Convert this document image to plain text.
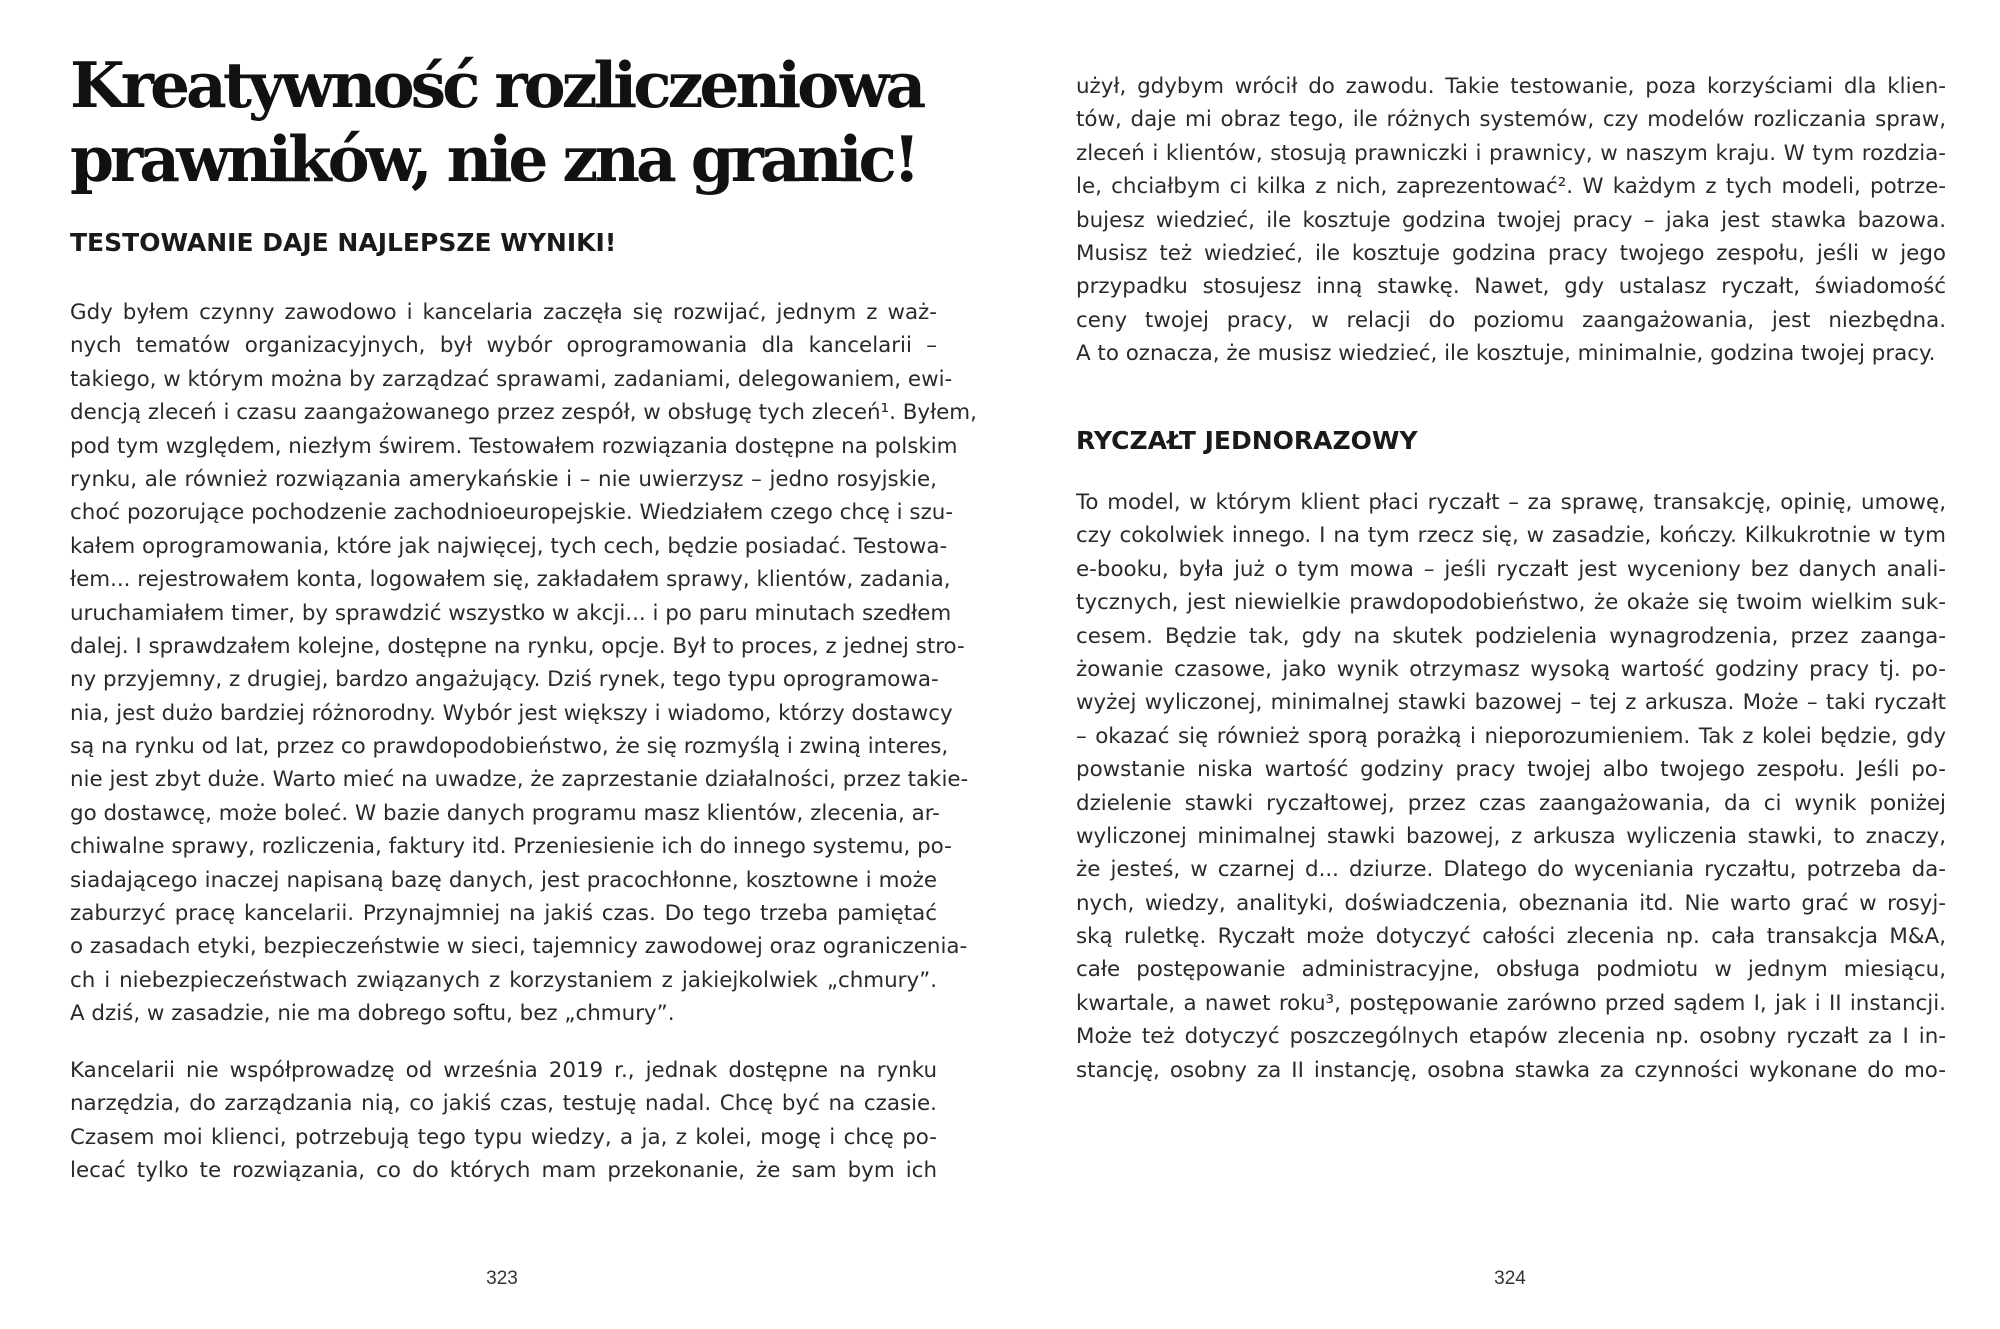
Kreatywność rozliczeniowa prawników, nie zna granic!
TESTOWANIE DAJE NAJLEPSZE WYNIKI!
Gdy byłem czynny zawodowo i kancelaria zaczęła się rozwijać, jednym z waż-
nych tematów organizacyjnych, był wybór oprogramowania dla kancelarii –
takiego, w którym można by zarządzać sprawami, zadaniami, delegowaniem, ewi-
dencją zleceń i czasu zaangażowanego przez zespół, w obsługę tych zleceń¹. Byłem,
pod tym względem, niezłym świrem. Testowałem rozwiązania dostępne na polskim
rynku, ale również rozwiązania amerykańskie i – nie uwierzysz – jedno rosyjskie,
choć pozorujące pochodzenie zachodnioeuropejskie. Wiedziałem czego chcę i szu-
kałem oprogramowania, które jak najwięcej, tych cech, będzie posiadać. Testowa-
łem... rejestrowałem konta, logowałem się, zakładałem sprawy, klientów, zadania,
uruchamiałem timer, by sprawdzić wszystko w akcji... i po paru minutach szedłem
dalej. I sprawdzałem kolejne, dostępne na rynku, opcje. Był to proces, z jednej stro-
ny przyjemny, z drugiej, bardzo angażujący. Dziś rynek, tego typu oprogramowa-
nia, jest dużo bardziej różnorodny. Wybór jest większy i wiadomo, którzy dostawcy
są na rynku od lat, przez co prawdopodobieństwo, że się rozmyślą i zwiną interes,
nie jest zbyt duże. Warto mieć na uwadze, że zaprzestanie działalności, przez takie-
go dostawcę, może boleć. W bazie danych programu masz klientów, zlecenia, ar-
chiwalne sprawy, rozliczenia, faktury itd. Przeniesienie ich do innego systemu, po-
siadającego inaczej napisaną bazę danych, jest pracochłonne, kosztowne i może
zaburzyć pracę kancelarii. Przynajmniej na jakiś czas. Do tego trzeba pamiętać
o zasadach etyki, bezpieczeństwie w sieci, tajemnicy zawodowej oraz ograniczenia-
ch i niebezpieczeństwach związanych z korzystaniem z jakiejkolwiek „chmury”.
A dziś, w zasadzie, nie ma dobrego softu, bez „chmury”.
Kancelarii nie współprowadzę od września 2019 r., jednak dostępne na rynku
narzędzia, do zarządzania nią, co jakiś czas, testuję nadal. Chcę być na czasie.
Czasem moi klienci, potrzebują tego typu wiedzy, a ja, z kolei, mogę i chcę po-
lecać tylko te rozwiązania, co do których mam przekonanie, że sam bym ich

323

użył, gdybym wrócił do zawodu. Takie testowanie, poza korzyściami dla klien-
tów, daje mi obraz tego, ile różnych systemów, czy modelów rozliczania spraw,
zleceń i klientów, stosują prawniczki i prawnicy, w naszym kraju. W tym rozdzia-
le, chciałbym ci kilka z nich, zaprezentować². W każdym z tych modeli, potrze-
bujesz wiedzieć, ile kosztuje godzina twojej pracy – jaka jest stawka bazowa.
Musisz też wiedzieć, ile kosztuje godzina pracy twojego zespołu, jeśli w jego
przypadku stosujesz inną stawkę. Nawet, gdy ustalasz ryczałt, świadomość
ceny twojej pracy, w relacji do poziomu zaangażowania, jest niezbędna.
A to oznacza, że musisz wiedzieć, ile kosztuje, minimalnie, godzina twojej pracy.
RYCZAŁT JEDNORAZOWY
To model, w którym klient płaci ryczałt – za sprawę, transakcję, opinię, umowę,
czy cokolwiek innego. I na tym rzecz się, w zasadzie, kończy. Kilkukrotnie w tym
e-booku, była już o tym mowa – jeśli ryczałt jest wyceniony bez danych anali-
tycznych, jest niewielkie prawdopodobieństwo, że okaże się twoim wielkim suk-
cesem. Będzie tak, gdy na skutek podzielenia wynagrodzenia, przez zaanga-
żowanie czasowe, jako wynik otrzymasz wysoką wartość godziny pracy tj. po-
wyżej wyliczonej, minimalnej stawki bazowej – tej z arkusza. Może – taki ryczałt
– okazać się również sporą porażką i nieporozumieniem. Tak z kolei będzie, gdy
powstanie niska wartość godziny pracy twojej albo twojego zespołu. Jeśli po-
dzielenie stawki ryczałtowej, przez czas zaangażowania, da ci wynik poniżej
wyliczonej minimalnej stawki bazowej, z arkusza wyliczenia stawki, to znaczy,
że jesteś, w czarnej d... dziurze. Dlatego do wyceniania ryczałtu, potrzeba da-
nych, wiedzy, analityki, doświadczenia, obeznania itd. Nie warto grać w rosyj-
ską ruletkę. Ryczałt może dotyczyć całości zlecenia np. cała transakcja M&A,
całe postępowanie administracyjne, obsługa podmiotu w jednym miesiącu,
kwartale, a nawet roku³, postępowanie zarówno przed sądem I, jak i II instancji.
Może też dotyczyć poszczególnych etapów zlecenia np. osobny ryczałt za I in-
stancję, osobny za II instancję, osobna stawka za czynności wykonane do mo-

324
